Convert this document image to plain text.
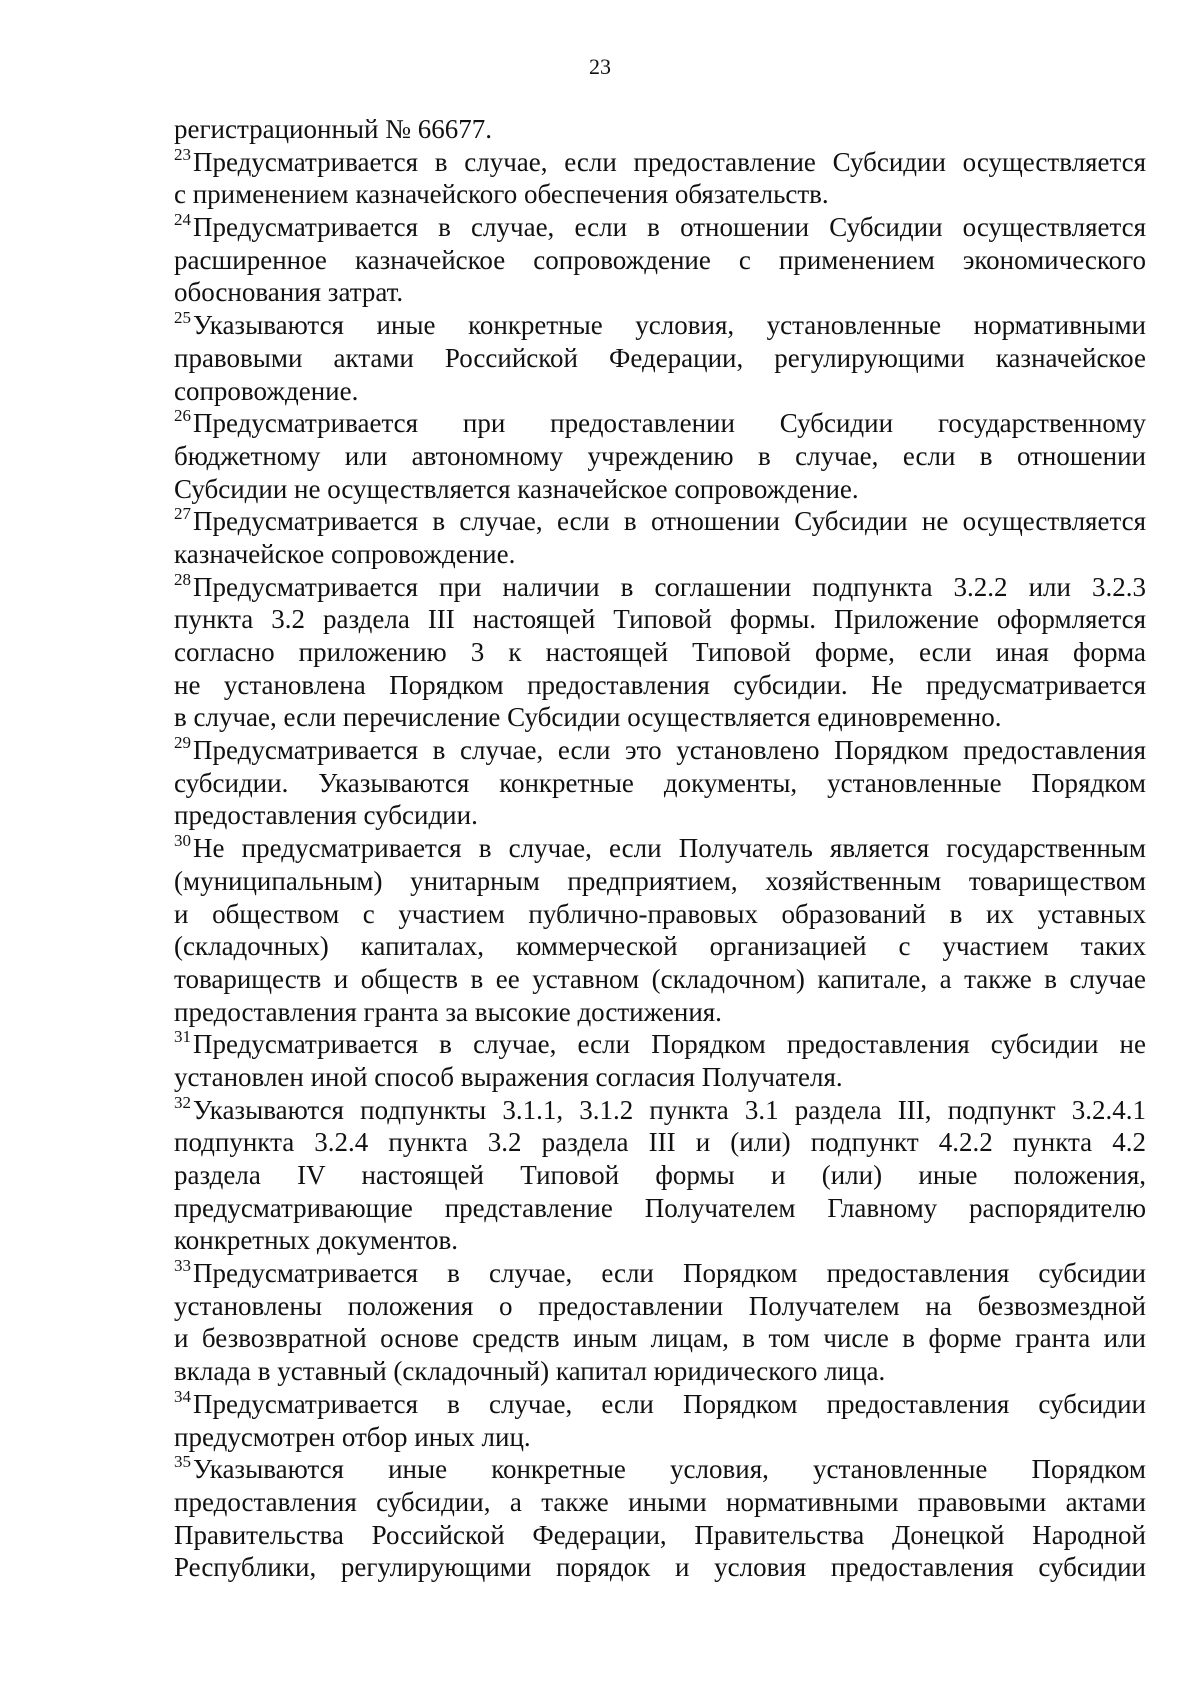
23
регистрационный № 66677.
$^{23}$Предусматривается в случае, если предоставление Субсидии осуществляется
с применением казначейского обеспечения обязательств.
$^{24}$Предусматривается в случае, если в отношении Субсидии осуществляется
расширенное казначейское сопровождение с применением экономического
обоснования затрат.
$^{25}$Указываются иные конкретные условия, установленные нормативными
правовыми актами Российской Федерации, регулирующими казначейское
сопровождение.
$^{26}$Предусматривается при предоставлении Субсидии государственному
бюджетному или автономному учреждению в случае, если в отношении
Субсидии не осуществляется казначейское сопровождение.
$^{27}$Предусматривается в случае, если в отношении Субсидии не осуществляется
казначейское сопровождение.
$^{28}$Предусматривается при наличии в соглашении подпункта 3.2.2 или 3.2.3
пункта 3.2 раздела III настоящей Типовой формы. Приложение оформляется
согласно приложению 3 к настоящей Типовой форме, если иная форма
не установлена Порядком предоставления субсидии. Не предусматривается
в случае, если перечисление Субсидии осуществляется единовременно.
$^{29}$Предусматривается в случае, если это установлено Порядком предоставления
субсидии. Указываются конкретные документы, установленные Порядком
предоставления субсидии.
$^{30}$Не предусматривается в случае, если Получатель является государственным
(муниципальным) унитарным предприятием, хозяйственным товариществом
и обществом с участием публично-правовых образований в их уставных
(складочных) капиталах, коммерческой организацией с участием таких
товариществ и обществ в ее уставном (складочном) капитале, а также в случае
предоставления гранта за высокие достижения.
$^{31}$Предусматривается в случае, если Порядком предоставления субсидии не
установлен иной способ выражения согласия Получателя.
$^{32}$Указываются подпункты 3.1.1, 3.1.2 пункта 3.1 раздела III, подпункт 3.2.4.1
подпункта 3.2.4 пункта 3.2 раздела III и (или) подпункт 4.2.2 пункта 4.2
раздела IV настоящей Типовой формы и (или) иные положения,
предусматривающие представление Получателем Главному распорядителю
конкретных документов.
$^{33}$Предусматривается в случае, если Порядком предоставления субсидии
установлены положения о предоставлении Получателем на безвозмездной
и безвозвратной основе средств иным лицам, в том числе в форме гранта или
вклада в уставный (складочный) капитал юридического лица.
$^{34}$Предусматривается в случае, если Порядком предоставления субсидии
предусмотрен отбор иных лиц.
$^{35}$Указываются иные конкретные условия, установленные Порядком
предоставления субсидии, а также иными нормативными правовыми актами
Правительства Российской Федерации, Правительства Донецкой Народной
Республики, регулирующими порядок и условия предоставления субсидии
